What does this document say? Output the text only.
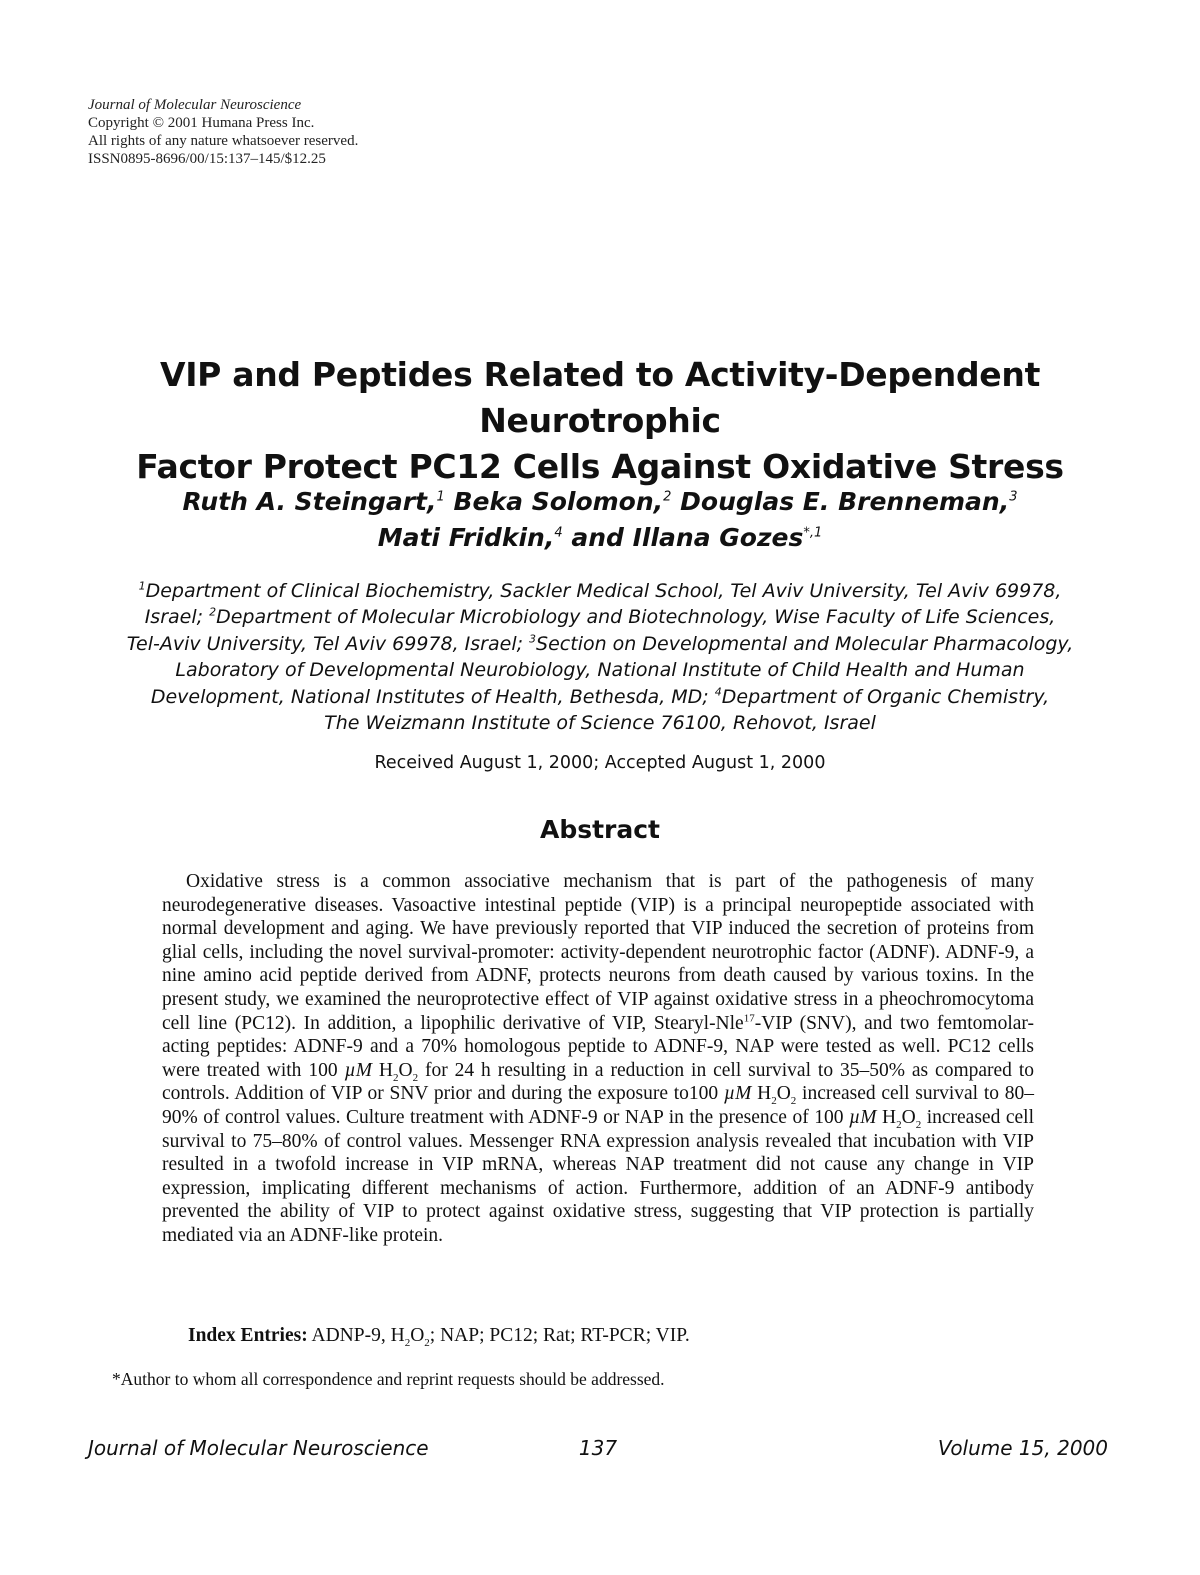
Journal of Molecular Neuroscience
Copyright © 2001 Humana Press Inc.
All rights of any nature whatsoever reserved.
ISSN0895-8696/00/15:137–145/$12.25
VIP and Peptides Related to Activity-Dependent Neurotrophic
Factor Protect PC12 Cells Against Oxidative Stress
Ruth A. Steingart,$^1$ Beka Solomon,$^2$ Douglas E. Brenneman,$^3$
Mati Fridkin,$^4$ and Illana Gozes$^{*,1}$
$^1$Department of Clinical Biochemistry, Sackler Medical School, Tel Aviv University, Tel Aviv 69978,
Israel; $^2$Department of Molecular Microbiology and Biotechnology, Wise Faculty of Life Sciences,
Tel-Aviv University, Tel Aviv 69978, Israel; $^3$Section on Developmental and Molecular Pharmacology,
Laboratory of Developmental Neurobiology, National Institute of Child Health and Human
Development, National Institutes of Health, Bethesda, MD; $^4$Department of Organic Chemistry,
The Weizmann Institute of Science 76100, Rehovot, Israel
Received August 1, 2000; Accepted August 1, 2000
Abstract
Oxidative stress is a common associative mechanism that is part of the pathogenesis of many neurodegenerative diseases. Vasoactive intestinal peptide (VIP) is a principal neuropeptide associated with normal development and aging. We have previously reported that VIP induced the secretion of proteins from glial cells, including the novel survival-promoter: activity-dependent neurotrophic factor (ADNF). ADNF-9, a nine amino acid peptide derived from ADNF, protects neurons from death caused by various toxins. In the present study, we examined the neuroprotective effect of VIP against oxidative stress in a pheochromocytoma cell line (PC12). In addition, a lipophilic derivative of VIP, Stearyl-Nle$^{17}$-VIP (SNV), and two femtomolar-acting peptides: ADNF-9 and a 70% homologous peptide to ADNF-9, NAP were tested as well. PC12 cells were treated with 100 µM $H_2O_2$ for 24 h resulting in a reduction in cell survival to 35–50% as compared to controls. Addition of VIP or SNV prior and during the exposure to100 µM $H_2O_2$ increased cell survival to 80–90% of control values. Culture treatment with ADNF-9 or NAP in the presence of 100 µM $H_2O_2$ increased cell survival to 75–80% of control values. Messenger RNA expression analysis revealed that incubation with VIP resulted in a twofold increase in VIP mRNA, whereas NAP treatment did not cause any change in VIP expression, implicating different mechanisms of action. Furthermore, addition of an ADNF-9 antibody prevented the ability of VIP to protect against oxidative stress, suggesting that VIP protection is partially mediated via an ADNF-like protein.
Index Entries: ADNP-9, $H_2O_2$; NAP; PC12; Rat; RT-PCR; VIP.
*Author to whom all correspondence and reprint requests should be addressed.
Journal of Molecular Neuroscience	137	Volume 15, 2000
